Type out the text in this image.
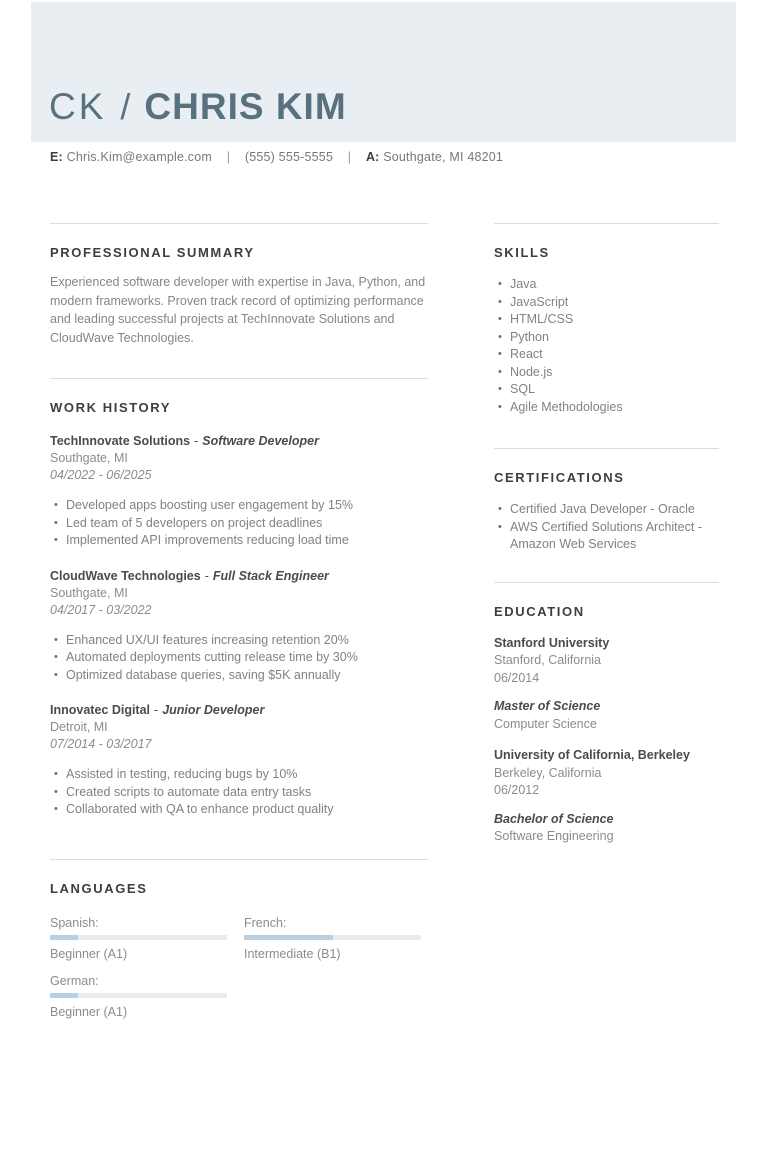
CK / CHRIS KIM
E: Chris.Kim@example.com | (555) 555-5555 | A: Southgate, MI 48201
PROFESSIONAL SUMMARY

Experienced software developer with expertise in Java, Python, and modern frameworks. Proven track record of optimizing performance and leading successful projects at TechInnovate Solutions and CloudWave Technologies.

WORK HISTORY
TechInnovate Solutions - Software Developer
Southgate, MI
04/2022 - 06/2025
• Developed apps boosting user engagement by 15%
• Led team of 5 developers on project deadlines
• Implemented API improvements reducing load time
CloudWave Technologies - Full Stack Engineer
Southgate, MI
04/2017 - 03/2022
• Enhanced UX/UI features increasing retention 20%
• Automated deployments cutting release time by 30%
• Optimized database queries, saving $5K annually
Innovatec Digital - Junior Developer
Detroit, MI
07/2014 - 03/2017
• Assisted in testing, reducing bugs by 10%
• Created scripts to automate data entry tasks
• Collaborated with QA to enhance product quality
LANGUAGES
Spanish:
Beginner (A1)
French:
Intermediate (B1)
German:
Beginner (A1)
SKILLS
• Java
• JavaScript
• HTML/CSS
• Python
• React
• Node.js
• SQL
• Agile Methodologies
CERTIFICATIONS
• Certified Java Developer - Oracle
• AWS Certified Solutions Architect - Amazon Web Services
EDUCATION
Stanford University
Stanford, California
06/2014
Master of Science
Computer Science
University of California, Berkeley
Berkeley, California
06/2012
Bachelor of Science
Software Engineering
